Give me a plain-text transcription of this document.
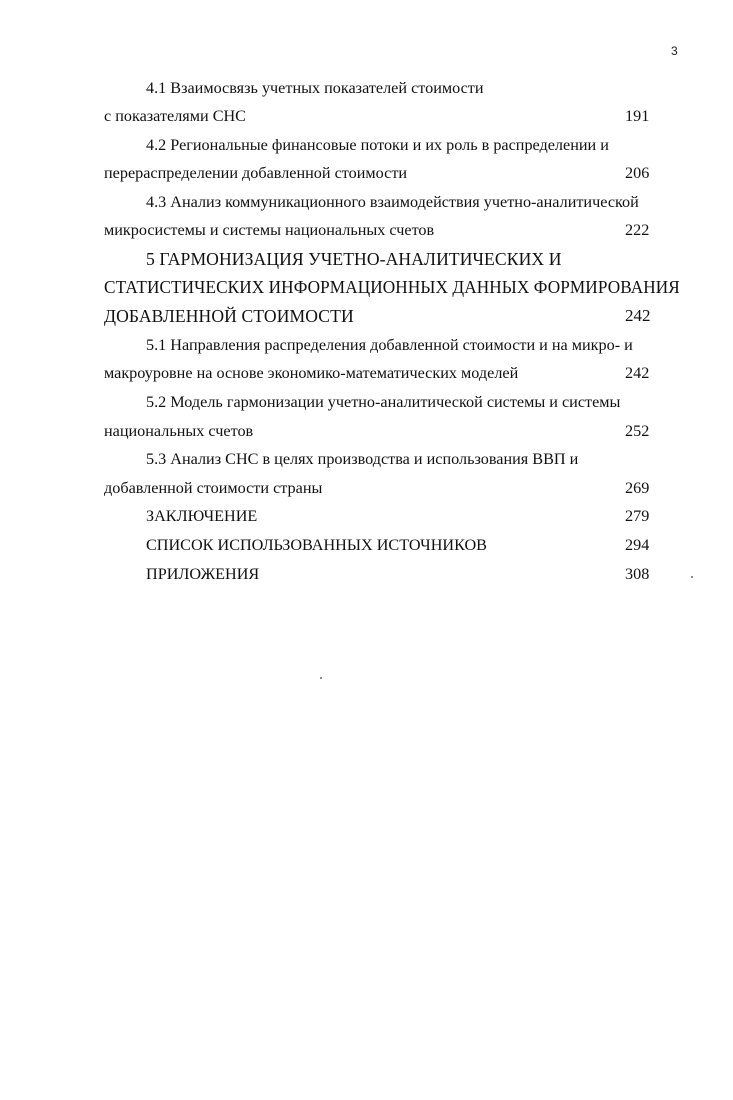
3
4.1 Взаимосвязь учетных показателей стоимости
с показателями СНС	191
4.2 Региональные финансовые потоки и их роль в распределении и
перераспределении добавленной стоимости	206
4.3 Анализ коммуникационного взаимодействия учетно-аналитической
микросистемы и системы национальных счетов	222
5 ГАРМОНИЗАЦИЯ УЧЕТНО-АНАЛИТИЧЕСКИХ И
СТАТИСТИЧЕСКИХ ИНФОРМАЦИОННЫХ ДАННЫХ ФОРМИРОВАНИЯ
ДОБАВЛЕННОЙ СТОИМОСТИ	242
5.1 Направления распределения добавленной стоимости и на микро- и
макроуровне на основе экономико-математических моделей	242
5.2 Модель гармонизации учетно-аналитической системы и системы
национальных счетов	252
5.3 Анализ СНС в целях производства и использования ВВП и
добавленной стоимости страны	269
ЗАКЛЮЧЕНИЕ	279
СПИСОК ИСПОЛЬЗОВАННЫХ ИСТОЧНИКОВ	294
ПРИЛОЖЕНИЯ	308
